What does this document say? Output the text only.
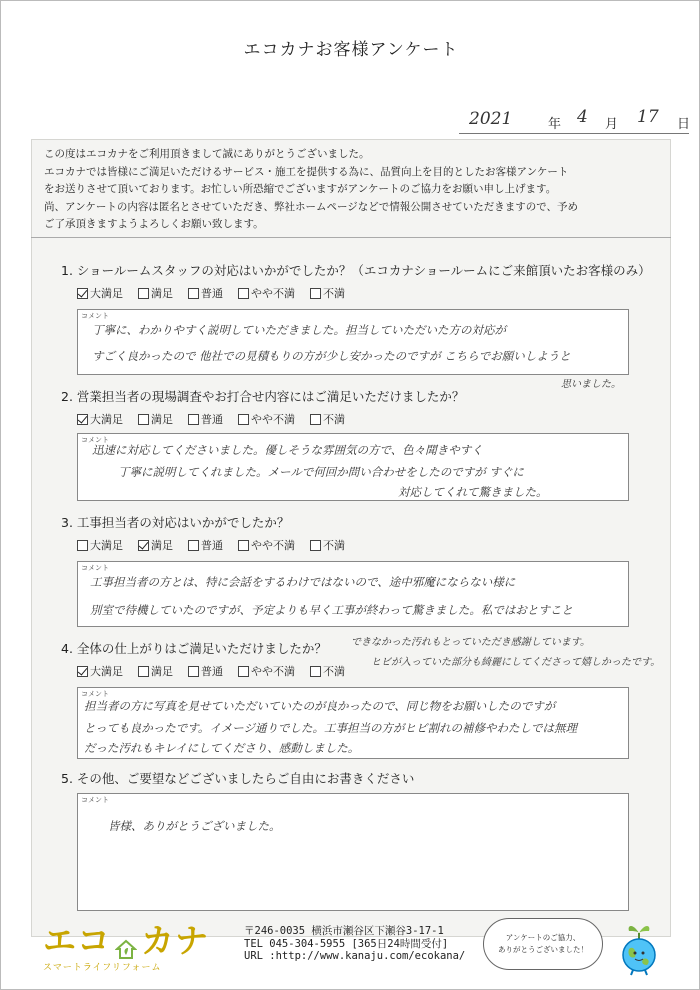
エコカナお客様アンケート
2021	年 4 月 17 日
この度はエコカナをご利用頂きまして誠にありがとうございました。
エコカナでは皆様にご満足いただけるサービス・施工を提供する為に、品質向上を目的としたお客様アンケート
をお送りさせて頂いております。お忙しい所恐縮でございますがアンケートのご協力をお願い申し上げます。
尚、アンケートの内容は匿名とさせていただき、弊社ホームページなどで情報公開させていただきますので、予め
ご了承頂きますようよろしくお願い致します。
1. ショールームスタッフの対応はいかがでしたか？（エコカナショールームにご来館頂いたお客様のみ）
大満足	満足	普通	やや不満	不満
コメント
丁寧に、わかりやすく説明していただきました。担当していただいた方の対応が
すごく良かったので 他社での見積もりの方が少し安かったのですが こちらでお願いしようと
思いました。
2. 営業担当者の現場調査やお打合せ内容にはご満足いただけましたか？
大満足	満足	普通	やや不満	不満
コメント
迅速に対応してくださいました。優しそうな雰囲気の方で、色々聞きやすく
丁寧に説明してくれました。メールで何回か問い合わせをしたのですが すぐに
対応してくれて驚きました。
3. 工事担当者の対応はいかがでしたか？
大満足	満足	普通	やや不満	不満
コメント
工事担当者の方とは、特に会話をするわけではないので、途中邪魔にならない様に
別室で待機していたのですが、予定よりも早く工事が終わって驚きました。私ではおとすこと
4. 全体の仕上がりはご満足いただけましたか？ できなかった汚れもとっていただき感謝しています。
ヒビが入っていた部分も綺麗にしてくださって嬉しかったです。
大満足	満足	普通	やや不満	不満
コメント
担当者の方に写真を見せていただいていたのが良かったので、同じ物をお願いしたのですが
とっても良かったです。イメージ通りでした。工事担当の方がヒビ割れの補修やわたしでは無理
だった汚れもキレイにしてくださり、感動しました。
5. その他、ご要望などございましたらご自由にお書きください
コメント
皆様、ありがとうございました。
エコ カナ
スマートライフリフォーム
〒246-0035 横浜市瀬谷区下瀬谷3-17-1
TEL 045-304-5955 [365日24時間受付]
URL :http://www.kanaju.com/ecokana/
アンケートのご協力、
ありがとうございました！
